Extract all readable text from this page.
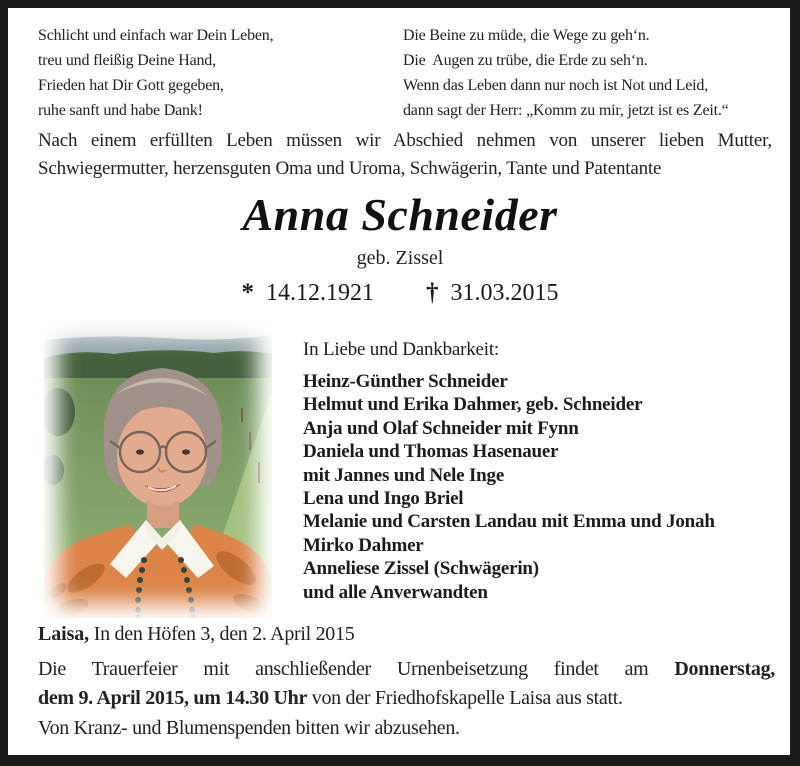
Schlicht und einfach war Dein Leben,
treu und fleißig Deine Hand,
Frieden hat Dir Gott gegeben,
ruhe sanft und habe Dank!
Die Beine zu müde, die Wege zu geh‘n.
Die  Augen zu trübe, die Erde zu seh‘n.
Wenn das Leben dann nur noch ist Not und Leid,
dann sagt der Herr: „Komm zu mir, jetzt ist es Zeit.“
Nach einem erfüllten Leben müssen wir Abschied nehmen von unserer lieben Mutter,
Schwiegermutter, herzensguten Oma und Uroma, Schwägerin, Tante und Patentante
Anna Schneider
geb. Zissel
* 14.12.1921 † 31.03.2015
In Liebe und Dankbarkeit:
Heinz-Günther Schneider
Helmut und Erika Dahmer, geb. Schneider
Anja und Olaf Schneider mit Fynn
Daniela und Thomas Hasenauer
mit Jannes und Nele Inge
Lena und Ingo Briel
Melanie und Carsten Landau mit Emma und Jonah
Mirko Dahmer
Anneliese Zissel (Schwägerin)
und alle Anverwandten
Laisa, In den Höfen 3, den 2. April 2015
Die Trauerfeier mit anschließender Urnenbeisetzung findet am Donnerstag,
dem 9. April 2015, um 14.30 Uhr von der Friedhofskapelle Laisa aus statt.
Von Kranz- und Blumenspenden bitten wir abzusehen.
